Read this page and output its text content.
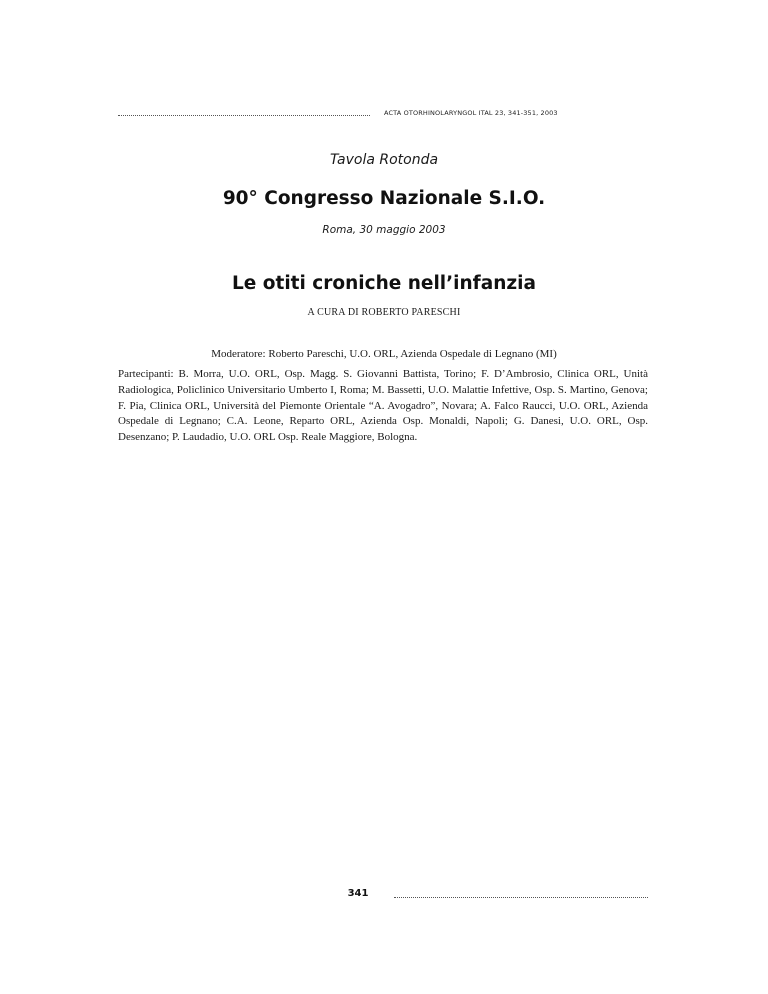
ACTA OTORHINOLARYNGOL ITAL 23, 341-351, 2003
Tavola Rotonda
90° Congresso Nazionale S.I.O.
Roma, 30 maggio 2003
Le otiti croniche nell’infanzia
A CURA DI ROBERTO PARESCHI
Moderatore: Roberto Pareschi, U.O. ORL, Azienda Ospedale di Legnano (MI)
Partecipanti: B. Morra, U.O. ORL, Osp. Magg. S. Giovanni Battista, Torino; F. D’Ambrosio, Clinica ORL, Unità Radiologica, Policlinico Universitario Umberto I, Roma; M. Bassetti, U.O. Malattie Infettive, Osp. S. Martino, Genova; F. Pia, Clinica ORL, Università del Piemonte Orientale “A. Avogadro”, Novara; A. Falco Raucci, U.O. ORL, Azienda Ospedale di Legnano; C.A. Leone, Reparto ORL, Azienda Osp. Monaldi, Napoli; G. Danesi, U.O. ORL, Osp. Desenzano; P. Laudadio, U.O. ORL Osp. Reale Maggiore, Bologna.
341
